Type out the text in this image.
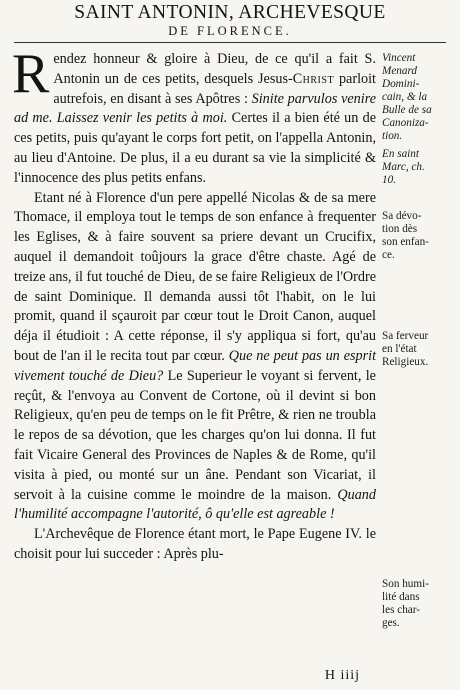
SAINT ANTONIN, ARCHEVESQUE
DE FLORENCE.

Rendez honneur & gloire à Dieu, de ce qu'il a fait S. Antonin un de ces petits, desquels Jesus-Christ parloit autrefois, en disant à ses Apôtres : Sinite parvulos venire ad me. Laissez venir les petits à moi. Certes il a bien été un de ces petits, puis qu'ayant le corps fort petit, on l'appella Antonin, au lieu d'Antoine. De plus, il a eu durant sa vie la simplicité & l'innocence des plus petits enfans.

Etant né à Florence d'un pere appellé Nicolas & de sa mere Thomace, il employa tout le temps de son enfance à frequenter les Eglises, & à faire souvent sa priere devant un Crucifix, auquel il demandoit toûjours la grace d'être chaste. Agé de treize ans, il fut touché de Dieu, de se faire Religieux de l'Ordre de saint Dominique. Il demanda aussi tôt l'habit, on le lui promit, quand il sçauroit par cœur tout le Droit Canon, auquel déja il étudioit : A cette réponse, il s'y appliqua si fort, qu'au bout de l'an il le recita tout par cœur. Que ne peut pas un esprit vivement touché de Dieu? Le Superieur le voyant si fervent, le reçût, & l'envoya au Convent de Cortone, où il devint si bon Religieux, qu'en peu de temps on le fit Prêtre, & rien ne troubla le repos de sa dévotion, que les charges qu'on lui donna. Il fut fait Vicaire General des Provinces de Naples & de Rome, qu'il visita à pied, ou monté sur un âne. Pendant son Vicariat, il servoit à la cuisine comme le moindre de la maison. Quand l'humilité accompagne l'autorité, ô qu'elle est agreable !

L'Archevêque de Florence étant mort, le Pape Eugene IV. le choisit pour lui succeder : Après plu-

Vincent
Menard
Domini-
cain, & la
Bulle de sa
Canoniza-
tion.
En saint
Marc, ch.
10.
Sa dévo-
tion dès
son enfan-
ce.
Sa ferveur
en l'état
Religieux.
Son humi-
lité dans
les char-
ges.
H iiij
